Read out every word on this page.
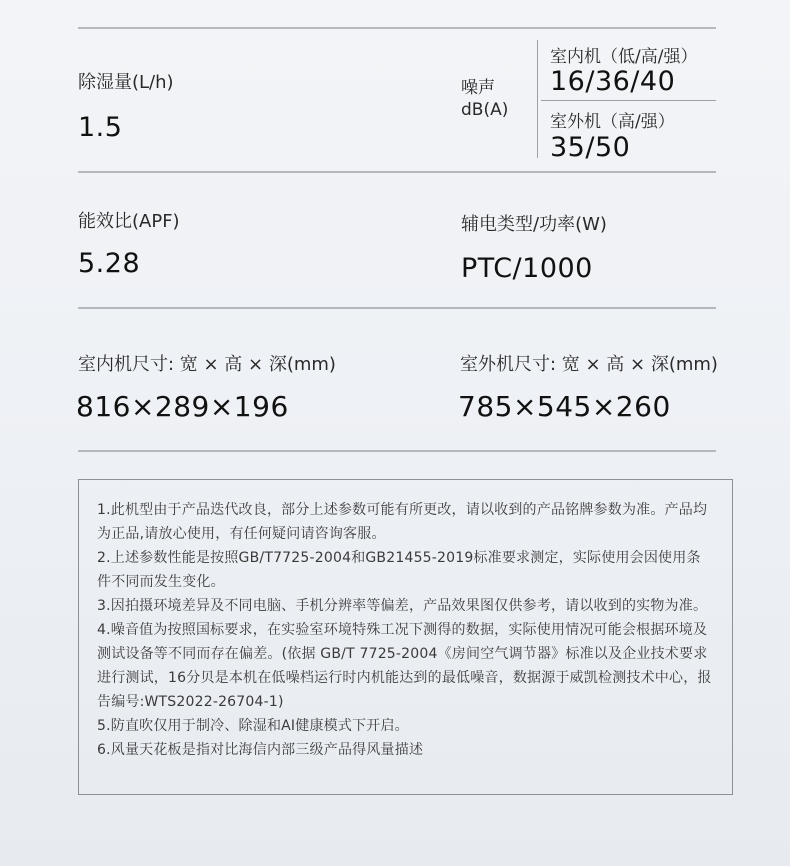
除湿量(L/h)
1.5
噪声
dB(A)
室内机（低/高/强）
16/36/40
室外机（高/强）
35/50
能效比(APF)
5.28
辅电类型/功率(W)
PTC/1000
室内机尺寸: 宽 × 高 × 深(mm)
816×289×196
室外机尺寸: 宽 × 高 × 深(mm)
785×545×260

1.此机型由于产品迭代改良，部分上述参数可能有所更改，请以收到的产品铭牌参数为准。产品均为正品,请放心使用，有任何疑问请咨询客服。

2.上述参数性能是按照GB/T7725-2004和GB21455-2019标准要求测定，实际使用会因使用条件不同而发生变化。

3.因拍摄环境差异及不同电脑、手机分辨率等偏差，产品效果图仅供参考，请以收到的实物为准。

4.噪音值为按照国标要求，在实验室环境特殊工况下测得的数据，实际使用情况可能会根据环境及测试设备等不同而存在偏差。(依据 GB/T 7725-2004《房间空气调节器》标准以及企业技术要求进行测试，16分贝是本机在低噪档运行时内机能达到的最低噪音，数据源于威凯检测技术中心，报告编号:WTS2022-26704-1)

5.防直吹仅用于制冷、除湿和AI健康模式下开启。

6.风量天花板是指对比海信内部三级产品得风量描述
